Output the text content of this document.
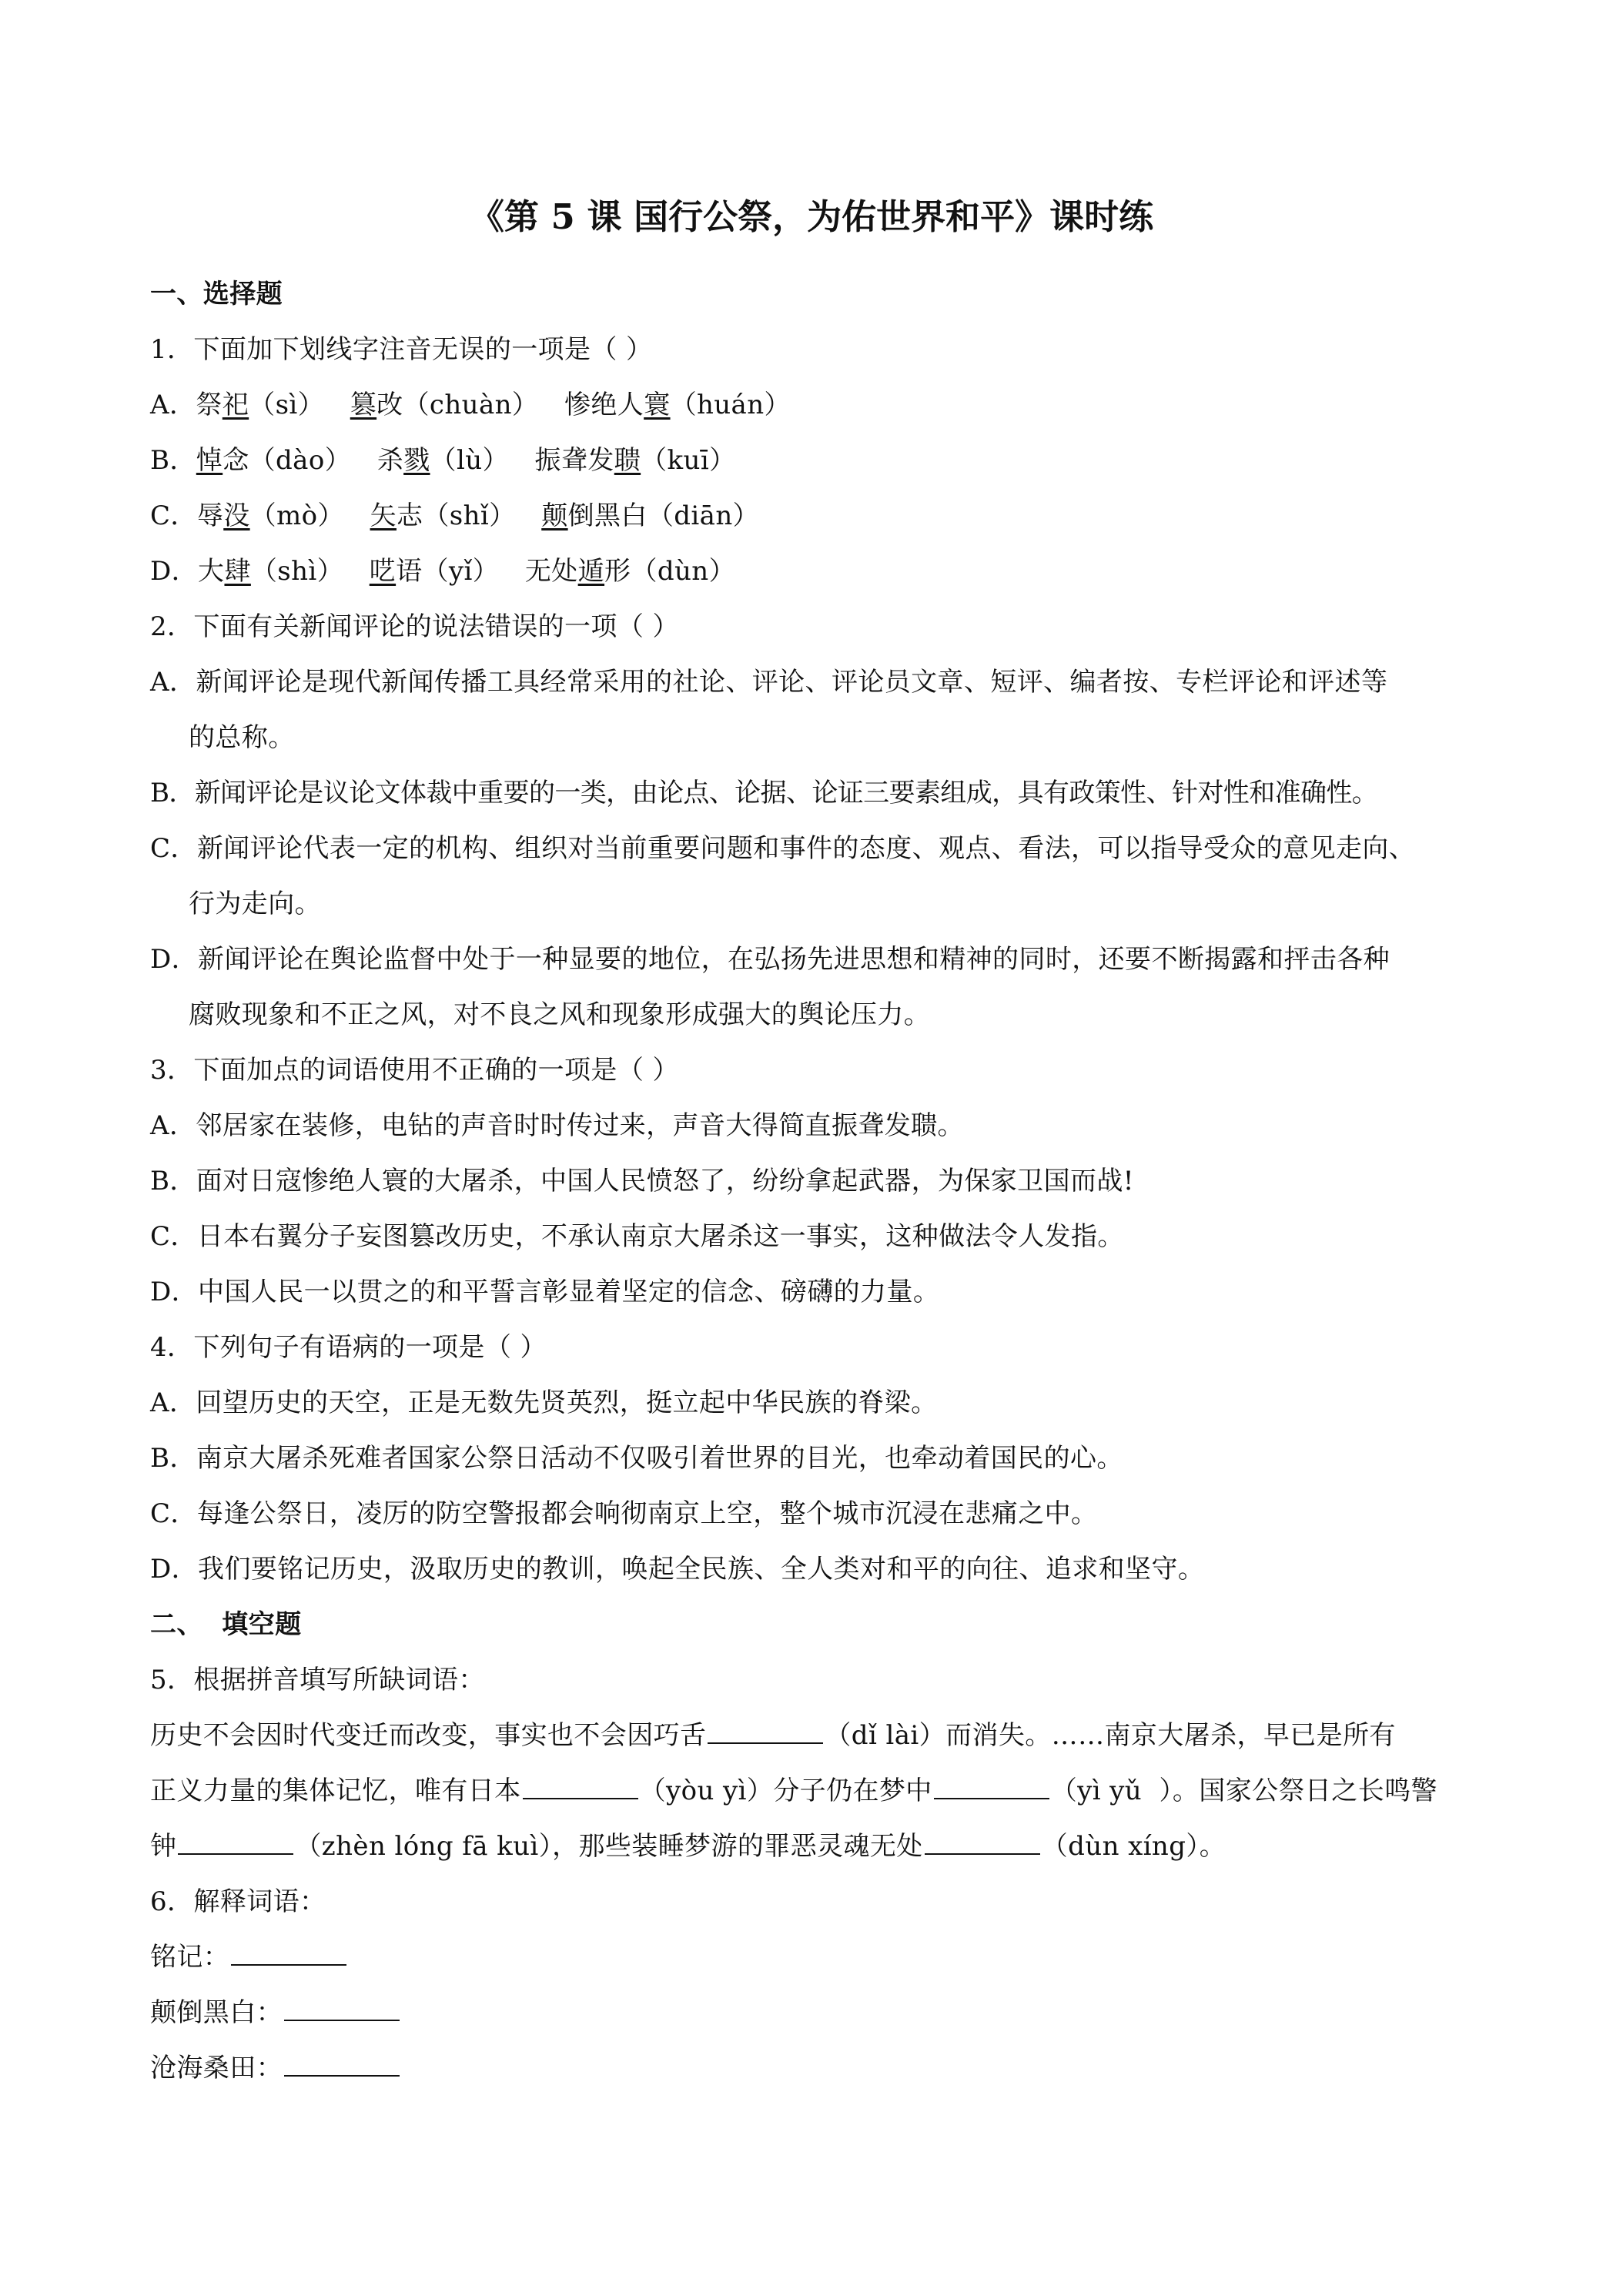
《第 5 课 国行公祭，为佑世界和平》课时练
一、选择题
1．下面加下划线字注音无误的一项是（ ）
A．祭祀（sì）   篡改（chuàn）   惨绝人寰（huán）
B．悼念（dào）   杀戮（lù）   振聋发聩（kuī）
C．辱没（mò）   矢志（shǐ）   颠倒黑白（diān）
D．大肆（shì）   呓语（yǐ）   无处遁形（dùn）
2．下面有关新闻评论的说法错误的一项（ ）
A．新闻评论是现代新闻传播工具经常采用的社论、评论、评论员文章、短评、编者按、专栏评论和评述等
的总称。
B．新闻评论是议论文体裁中重要的一类，由论点、论据、论证三要素组成，具有政策性、针对性和准确性。
C．新闻评论代表一定的机构、组织对当前重要问题和事件的态度、观点、看法，可以指导受众的意见走向、
行为走向。
D．新闻评论在舆论监督中处于一种显要的地位，在弘扬先进思想和精神的同时，还要不断揭露和抨击各种
腐败现象和不正之风，对不良之风和现象形成强大的舆论压力。
3．下面加点的词语使用不正确的一项是（ ）
A．邻居家在装修，电钻的声音时时传过来，声音大得简直振聋发聩。
B．面对日寇惨绝人寰的大屠杀，中国人民愤怒了，纷纷拿起武器，为保家卫国而战!
C．日本右翼分子妄图篡改历史，不承认南京大屠杀这一事实，这种做法令人发指。
D．中国人民一以贯之的和平誓言彰显着坚定的信念、磅礴的力量。
4．下列句子有语病的一项是（ ）
A．回望历史的天空，正是无数先贤英烈，挺立起中华民族的脊梁。
B．南京大屠杀死难者国家公祭日活动不仅吸引着世界的目光，也牵动着国民的心。
C．每逢公祭日，凌厉的防空警报都会响彻南京上空，整个城市沉浸在悲痛之中。
D．我们要铭记历史，汲取历史的教训，唤起全民族、全人类对和平的向往、追求和坚守。
二、  填空题
5．根据拼音填写所缺词语：
历史不会因时代变迁而改变，事实也不会因巧舌	（dǐ lài）而消失。……南京大屠杀，早已是所有
正义力量的集体记忆，唯有日本	（yòu yì）分子仍在梦中	（yì yǔ  ）。国家公祭日之长鸣警
钟	（zhèn lóng fā kuì），那些装睡梦游的罪恶灵魂无处	（dùn xíng）。
6．解释词语：
铭记：
颠倒黑白：
沧海桑田：
